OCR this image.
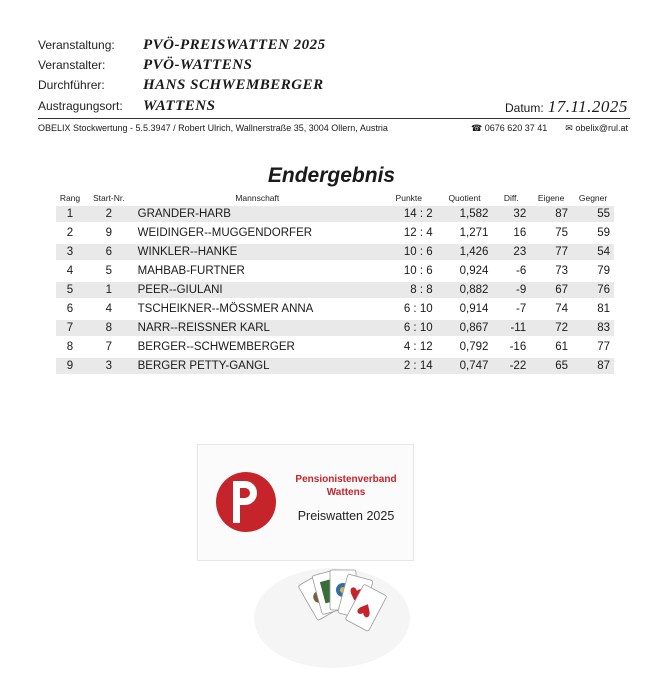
Veranstaltung:	PVÖ-PREISWATTEN 2025
Veranstalter:	PVÖ-WATTENS
Durchführer:	HANS SCHWEMBERGER
Austragungsort:	WATTENS	Datum: 17.11.2025
OBELIX Stockwertung - 5.5.3947 / Robert Ulrich, Wallnerstraße 35, 3004 Ollern, Austria	☎ 0676 620 37 41 ✉ obelix@rul.at
Endergebnis
Rang	Start-Nr.	Mannschaft	Punkte	Quotient	Diff.	Eigene	Gegner
1	2	GRANDER-HARB	14 : 2	1,582	32	87	55
2	9	WEIDINGER--MUGGENDORFER	12 : 4	1,271	16	75	59
3	6	WINKLER--HANKE	10 : 6	1,426	23	77	54
4	5	MAHBAB-FURTNER	10 : 6	0,924	-6	73	79
5	1	PEER--GIULANI	8 : 8	0,882	-9	67	76
6	4	TSCHEIKNER--MÖSSMER ANNA	6 : 10	0,914	-7	74	81
7	8	NARR--REISSNER KARL	6 : 10	0,867	-11	72	83
8	7	BERGER--SCHWEMBERGER	4 : 12	0,792	-16	61	77
9	3	BERGER PETTY-GANGL	2 : 14	0,747	-22	65	87
Pensionistenverband
Wattens
Preiswatten 2025
